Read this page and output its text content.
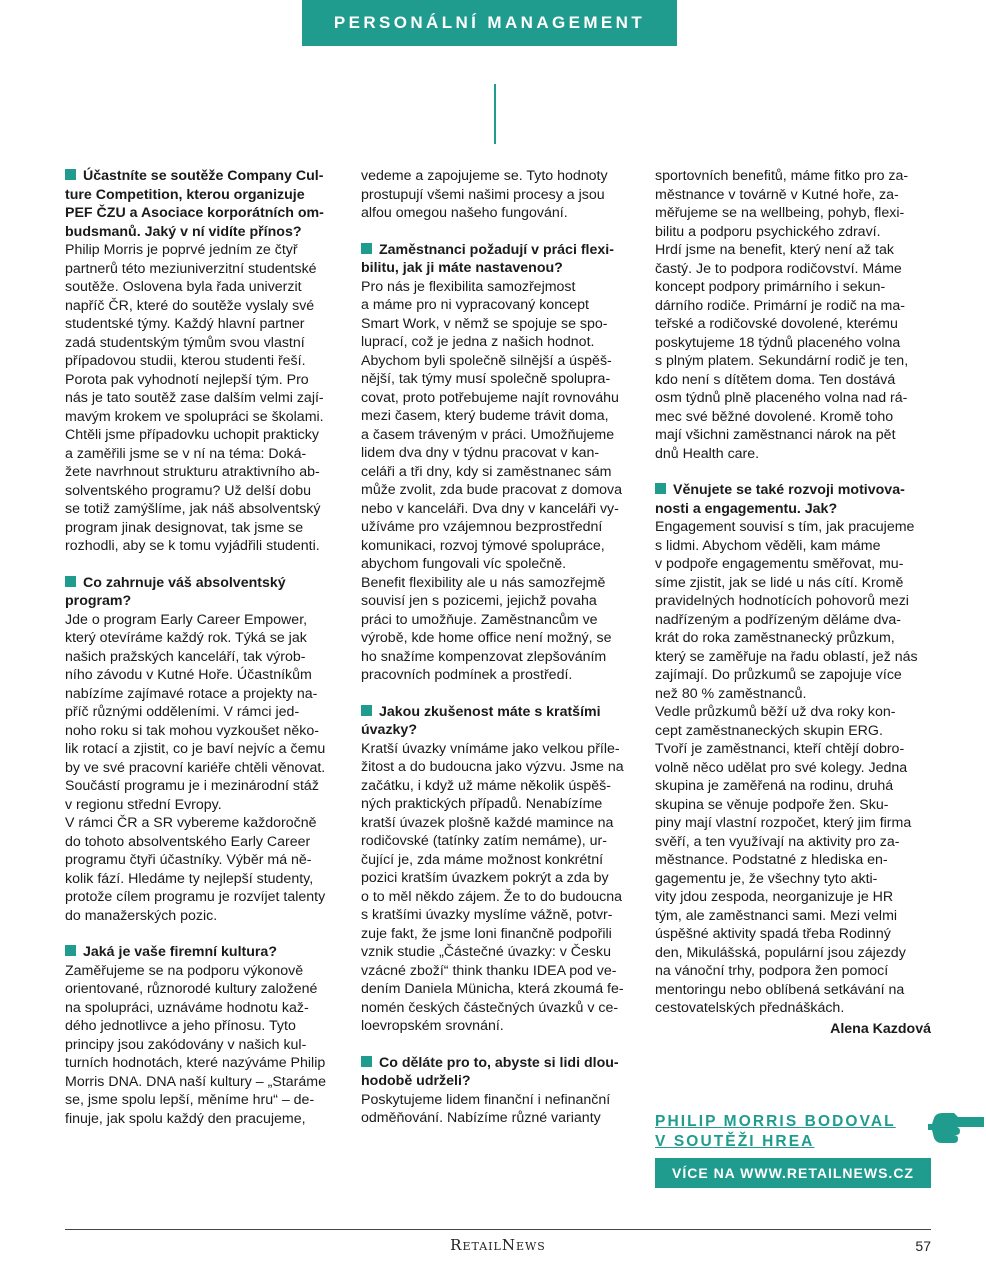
PERSONÁLNÍ MANAGEMENT
Účastníte se soutěže Company Cul-
ture Competition, kterou organizuje
PEF ČZU a Asociace korporátních om-
budsmanů. Jaký v ní vidíte přínos?
Philip Morris je poprvé jedním ze čtyř
partnerů této meziuniverzitní studentské
soutěže. Oslovena byla řada univerzit
napříč ČR, které do soutěže vyslaly své
studentské týmy. Každý hlavní partner
zadá studentským týmům svou vlastní
případovou studii, kterou studenti řeší.
Porota pak vyhodnotí nejlepší tým. Pro
nás je tato soutěž zase dalším velmi zají-
mavým krokem ve spolupráci se školami.
Chtěli jsme případovku uchopit prakticky
a zaměřili jsme se v ní na téma: Doká-
žete navrhnout strukturu atraktivního ab-
solventského programu? Už delší dobu
se totiž zamýšlíme, jak náš absolventský
program jinak designovat, tak jsme se
rozhodli, aby se k tomu vyjádřili studenti.
Co zahrnuje váš absolventský
program?
Jde o program Early Career Empower,
který otevíráme každý rok. Týká se jak
našich pražských kanceláří, tak výrob-
ního závodu v Kutné Hoře. Účastníkům
nabízíme zajímavé rotace a projekty na-
příč různými odděleními. V rámci jed-
noho roku si tak mohou vyzkoušet něko-
lik rotací a zjistit, co je baví nejvíc a čemu
by ve své pracovní kariéře chtěli věnovat.
Součástí programu je i mezinárodní stáž
v regionu střední Evropy.
V rámci ČR a SR vybereme každoročně
do tohoto absolventského Early Career
programu čtyři účastníky. Výběr má ně-
kolik fází. Hledáme ty nejlepší studenty,
protože cílem programu je rozvíjet talenty
do manažerských pozic.
Jaká je vaše firemní kultura?
Zaměřujeme se na podporu výkonově
orientované, různorodé kultury založené
na spolupráci, uznáváme hodnotu kaž-
dého jednotlivce a jeho přínosu. Tyto
principy jsou zakódovány v našich kul-
turních hodnotách, které nazýváme Philip
Morris DNA. DNA naší kultury – „Staráme
se, jsme spolu lepší, měníme hru“ – de-
finuje, jak spolu každý den pracujeme,
vedeme a zapojujeme se. Tyto hodnoty
prostupují všemi našimi procesy a jsou
alfou omegou našeho fungování.
Zaměstnanci požadují v práci flexi-
bilitu, jak ji máte nastavenou?
Pro nás je flexibilita samozřejmost
a máme pro ni vypracovaný koncept
Smart Work, v němž se spojuje se spo-
luprací, což je jedna z našich hodnot.
Abychom byli společně silnější a úspěš-
nější, tak týmy musí společně spolupra-
covat, proto potřebujeme najít rovnováhu
mezi časem, který budeme trávit doma,
a časem tráveným v práci. Umožňujeme
lidem dva dny v týdnu pracovat v kan-
celáři a tři dny, kdy si zaměstnanec sám
může zvolit, zda bude pracovat z domova
nebo v kanceláři. Dva dny v kanceláři vy-
užíváme pro vzájemnou bezprostřední
komunikaci, rozvoj týmové spolupráce,
abychom fungovali víc společně.
Benefit flexibility ale u nás samozřejmě
souvisí jen s pozicemi, jejichž povaha
práci to umožňuje. Zaměstnancům ve
výrobě, kde home office není možný, se
ho snažíme kompenzovat zlepšováním
pracovních podmínek a prostředí.
Jakou zkušenost máte s kratšími
úvazky?
Kratší úvazky vnímáme jako velkou příle-
žitost a do budoucna jako výzvu. Jsme na
začátku, i když už máme několik úspěš-
ných praktických případů. Nenabízíme
kratší úvazek plošně každé mamince na
rodičovské (tatínky zatím nemáme), ur-
čující je, zda máme možnost konkrétní
pozici kratším úvazkem pokrýt a zda by
o to měl někdo zájem. Že to do budoucna
s kratšími úvazky myslíme vážně, potvr-
zuje fakt, že jsme loni finančně podpořili
vznik studie „Částečné úvazky: v Česku
vzácné zboží“ think thanku IDEA pod ve-
dením Daniela Münicha, která zkoumá fe-
nomén českých částečných úvazků v ce-
loevropském srovnání.
Co děláte pro to, abyste si lidi dlou-
hodobě udrželi?
Poskytujeme lidem finanční i nefinanční
odměňování. Nabízíme různé varianty
sportovních benefitů, máme fitko pro za-
městnance v továrně v Kutné hoře, za-
měřujeme se na wellbeing, pohyb, flexi-
bilitu a podporu psychického zdraví.
Hrdí jsme na benefit, který není až tak
častý. Je to podpora rodičovství. Máme
koncept podpory primárního i sekun-
dárního rodiče. Primární je rodič na ma-
teřské a rodičovské dovolené, kterému
poskytujeme 18 týdnů placeného volna
s plným platem. Sekundární rodič je ten,
kdo není s dítětem doma. Ten dostává
osm týdnů plně placeného volna nad rá-
mec své běžné dovolené. Kromě toho
mají všichni zaměstnanci nárok na pět
dnů Health care.
Věnujete se také rozvoji motivova-
nosti a engagementu. Jak?
Engagement souvisí s tím, jak pracujeme
s lidmi. Abychom věděli, kam máme
v podpoře engagementu směřovat, mu-
síme zjistit, jak se lidé u nás cítí. Kromě
pravidelných hodnotících pohovorů mezi
nadřízeným a podřízeným děláme dva-
krát do roka zaměstnanecký průzkum,
který se zaměřuje na řadu oblastí, jež nás
zajímají. Do průzkumů se zapojuje více
než 80 % zaměstnanců.
Vedle průzkumů běží už dva roky kon-
cept zaměstnaneckých skupin ERG.
Tvoří je zaměstnanci, kteří chtějí dobro-
volně něco udělat pro své kolegy. Jedna
skupina je zaměřená na rodinu, druhá
skupina se věnuje podpoře žen. Sku-
piny mají vlastní rozpočet, který jim firma
svěří, a ten využívají na aktivity pro za-
městnance. Podstatné z hlediska en-
gagementu je, že všechny tyto akti-
vity jdou zespoda, neorganizuje je HR
tým, ale zaměstnanci sami. Mezi velmi
úspěšné aktivity spadá třeba Rodinný
den, Mikulášská, populární jsou zájezdy
na vánoční trhy, podpora žen pomocí
mentoringu nebo oblíbená setkávání na
cestovatelských přednáškách.
Alena Kazdová
PHILIP MORRIS BODOVAL
V SOUTĚŽI HREA
VÍCE NA WWW.RETAILNEWS.CZ
RetailNews	57
